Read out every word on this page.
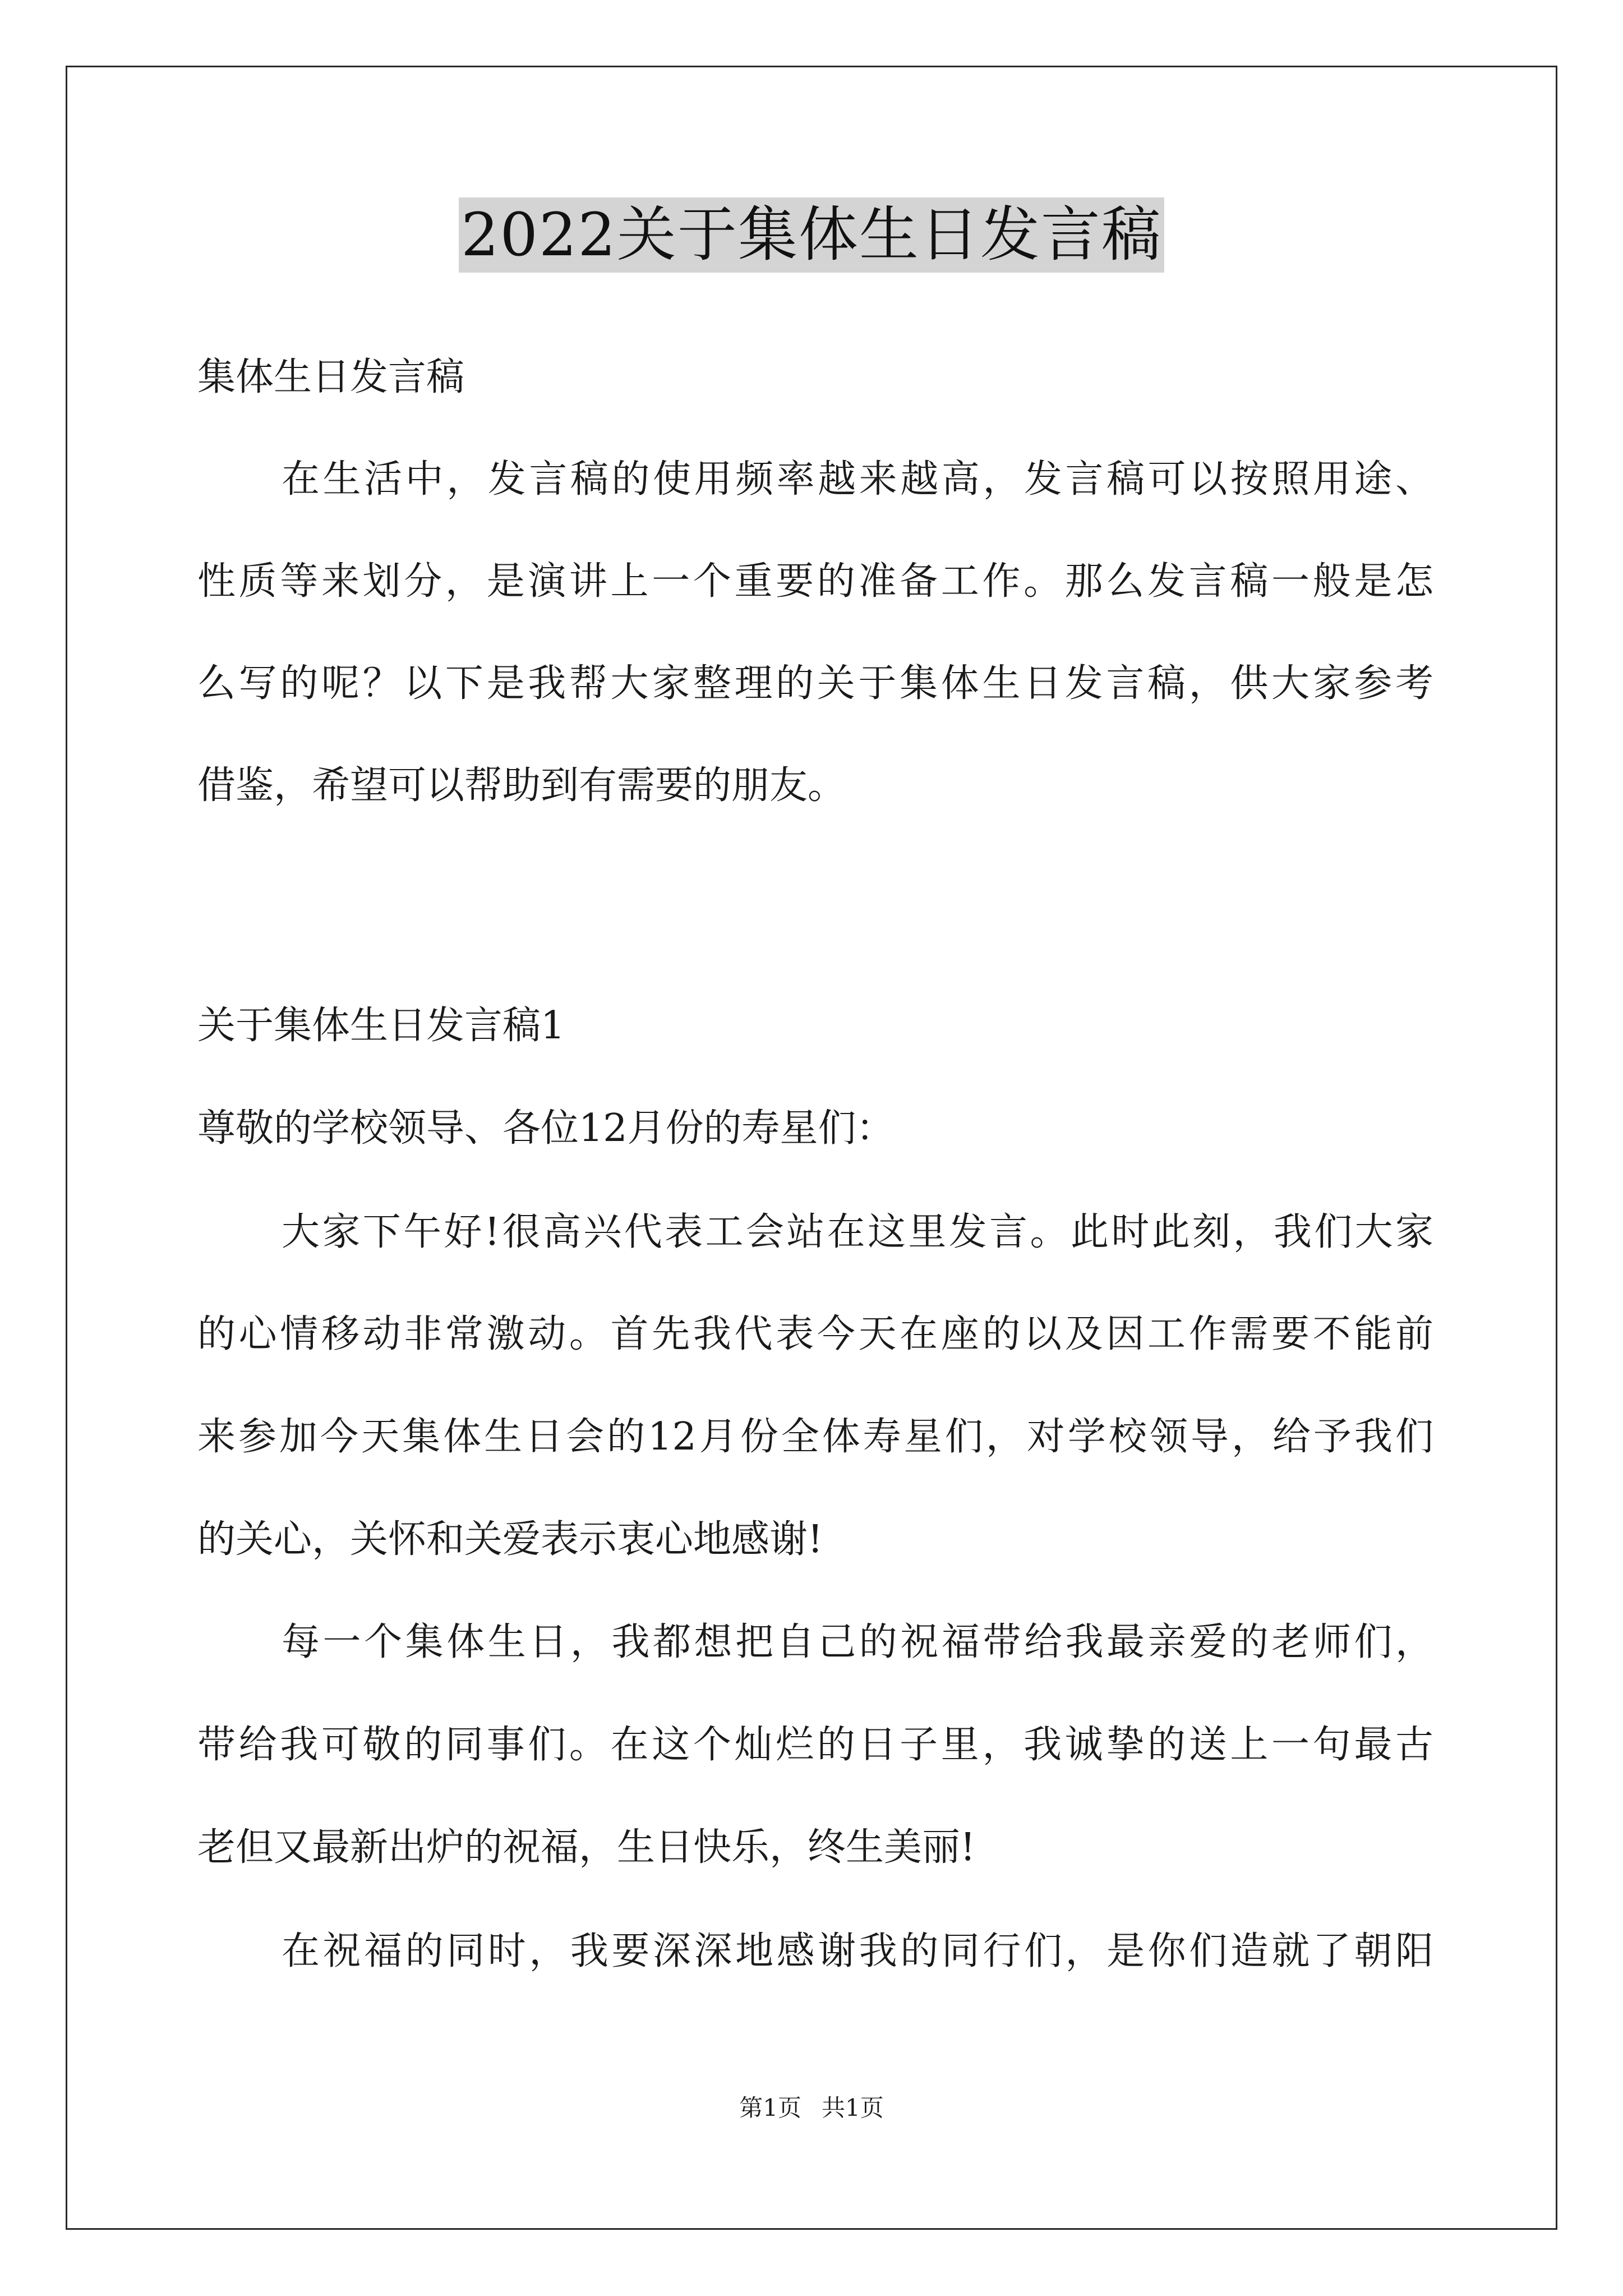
2022关于集体生日发言稿
集体生日发言稿
在生活中，发言稿的使用频率越来越高，发言稿可以按照用途、
性质等来划分，是演讲上一个重要的准备工作。那么发言稿一般是怎
么写的呢？以下是我帮大家整理的关于集体生日发言稿，供大家参考
借鉴，希望可以帮助到有需要的朋友。
关于集体生日发言稿1
尊敬的学校领导、各位12月份的寿星们：
大家下午好!很高兴代表工会站在这里发言。此时此刻，我们大家
的心情移动非常激动。首先我代表今天在座的以及因工作需要不能前
来参加今天集体生日会的12月份全体寿星们，对学校领导，给予我们
的关心，关怀和关爱表示衷心地感谢!
每一个集体生日，我都想把自己的祝福带给我最亲爱的老师们，
带给我可敬的同事们。在这个灿烂的日子里，我诚挚的送上一句最古
老但又最新出炉的祝福，生日快乐，终生美丽!
在祝福的同时，我要深深地感谢我的同行们，是你们造就了朝阳
第1页 共1页
